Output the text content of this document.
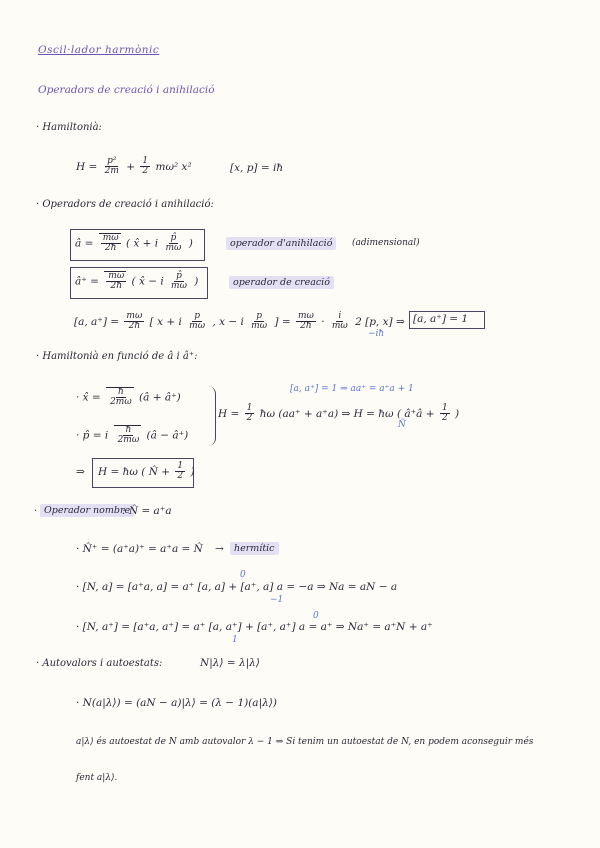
Oscil·lador harmònic
Operadors de creació i anihilació
· Hamiltonià:
$H = \frac{\text{p²}}{2m} + \frac{1}{2} m\omega^2$ x²	[x, p] = iħ
· Operadors de creació i anihilació:
â = $\frac{m\omega}{2ħ}$ ( x̂ + i $\frac{p̂}{m\omega}$ )	operador d'anihilació	(adimensional)
â⁺ = $\frac{m\omega}{2ħ}$ ( x̂ − i $\frac{p̂}{m\omega}$ )	operador de creació
[a, $a^+] = \frac{m\omega}{2ħ}$ [ x + i $\frac{p}{m\omega}$ , x − i $\frac{p}{m\omega}$ ] = $\frac{m\omega}{2ħ} \cdot \frac{i}{m\omega} 2$ [p, x] ⇒ [a, a⁺] = 1
−iħ
· Hamiltonià en funció de â i â⁺:
· x̂ = $\frac{ħ}{2m\omega}$ (â + â⁺)
· p̂ = i $\frac{ħ}{2m\omega}$ (â − â⁺)
[a, a⁺] = 1 ⇒ aa⁺ = a⁺a + 1
$H = \frac{1}{2}$ ħω (aa⁺ + a⁺a) ⇒ H = ħω ( â⁺â + $\frac{1}{2}$ )
N̂
⇒ H = ħω ( N̂ + $\frac{1}{2}$ )
· Operador nombre
: N̂ = a⁺a
· N̂⁺ = (a⁺a)⁺ = a⁺a = N̂ →	hermític
0
· [N, a] = [a⁺a, a] = a⁺ [a, a] + [a⁺, a] a = −a ⇒ Na = aN − a
−1
0
· [N, a⁺] = [a⁺a, a⁺] = a⁺ [a, a⁺] + [a⁺, a⁺] a = a⁺ ⇒ Na⁺ = a⁺N + a⁺
1
· Autovalors i autoestats:	N|λ⟩ = λ|λ⟩
· N(a|λ⟩) = (aN − a)|λ⟩ = (λ − 1)(a|λ⟩)
a|λ⟩ és autoestat de N amb autovalor λ − 1 ⇒ Si tenim un autoestat de N, en podem aconseguir més
fent a|λ⟩.
